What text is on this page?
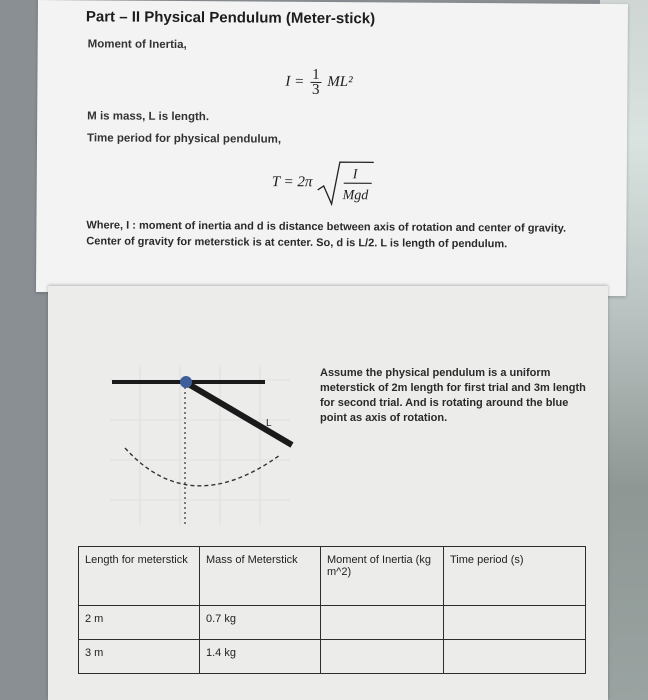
Part – II Physical Pendulum (Meter-stick)
Moment of Inertia,
$I = \frac{1}{3} ML^2$
M is mass, L is length.
Time period for physical pendulum,
T = 2π	I
Mgd
Where, I : moment of inertia and d is distance between axis of rotation and center of gravity.
Center of gravity for meterstick is at center. So, d is L/2. L is length of pendulum.
L
Assume the physical pendulum is a uniform meterstick of 2m length for first trial and 3m length for second trial. And is rotating around the blue point as axis of rotation.
Length for meterstick	Mass of Meterstick	Moment of Inertia (kg m^2)	Time period (s)
2 m	0.7 kg		
3 m	1.4 kg		
